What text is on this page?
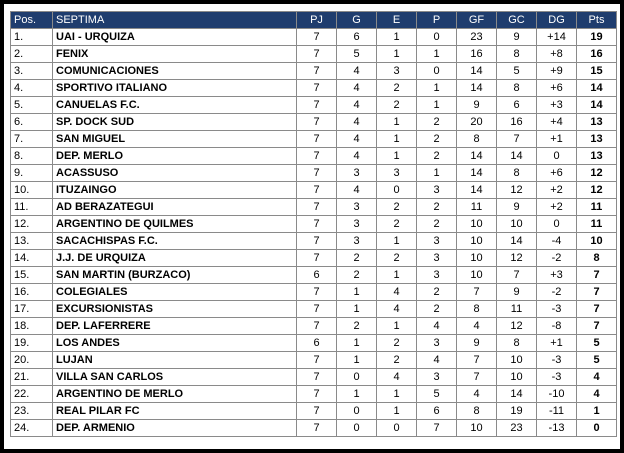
Pos.	SEPTIMA	PJ	G	E	P	GF	GC	DG	Pts
1.	UAI - URQUIZA	7	6	1	0	23	9	+14	19
2.	FENIX	7	5	1	1	16	8	+8	16
3.	COMUNICACIONES	7	4	3	0	14	5	+9	15
4.	SPORTIVO ITALIANO	7	4	2	1	14	8	+6	14
5.	CANUELAS F.C.	7	4	2	1	9	6	+3	14
6.	SP. DOCK SUD	7	4	1	2	20	16	+4	13
7.	SAN MIGUEL	7	4	1	2	8	7	+1	13
8.	DEP. MERLO	7	4	1	2	14	14	0	13
9.	ACASSUSO	7	3	3	1	14	8	+6	12
10.	ITUZAINGO	7	4	0	3	14	12	+2	12
11.	AD BERAZATEGUI	7	3	2	2	11	9	+2	11
12.	ARGENTINO DE QUILMES	7	3	2	2	10	10	0	11
13.	SACACHISPAS F.C.	7	3	1	3	10	14	-4	10
14.	J.J. DE URQUIZA	7	2	2	3	10	12	-2	8
15.	SAN MARTIN (BURZACO)	6	2	1	3	10	7	+3	7
16.	COLEGIALES	7	1	4	2	7	9	-2	7
17.	EXCURSIONISTAS	7	1	4	2	8	11	-3	7
18.	DEP. LAFERRERE	7	2	1	4	4	12	-8	7
19.	LOS ANDES	6	1	2	3	9	8	+1	5
20.	LUJAN	7	1	2	4	7	10	-3	5
21.	VILLA SAN CARLOS	7	0	4	3	7	10	-3	4
22.	ARGENTINO DE MERLO	7	1	1	5	4	14	-10	4
23.	REAL PILAR FC	7	0	1	6	8	19	-11	1
24.	DEP. ARMENIO	7	0	0	7	10	23	-13	0
